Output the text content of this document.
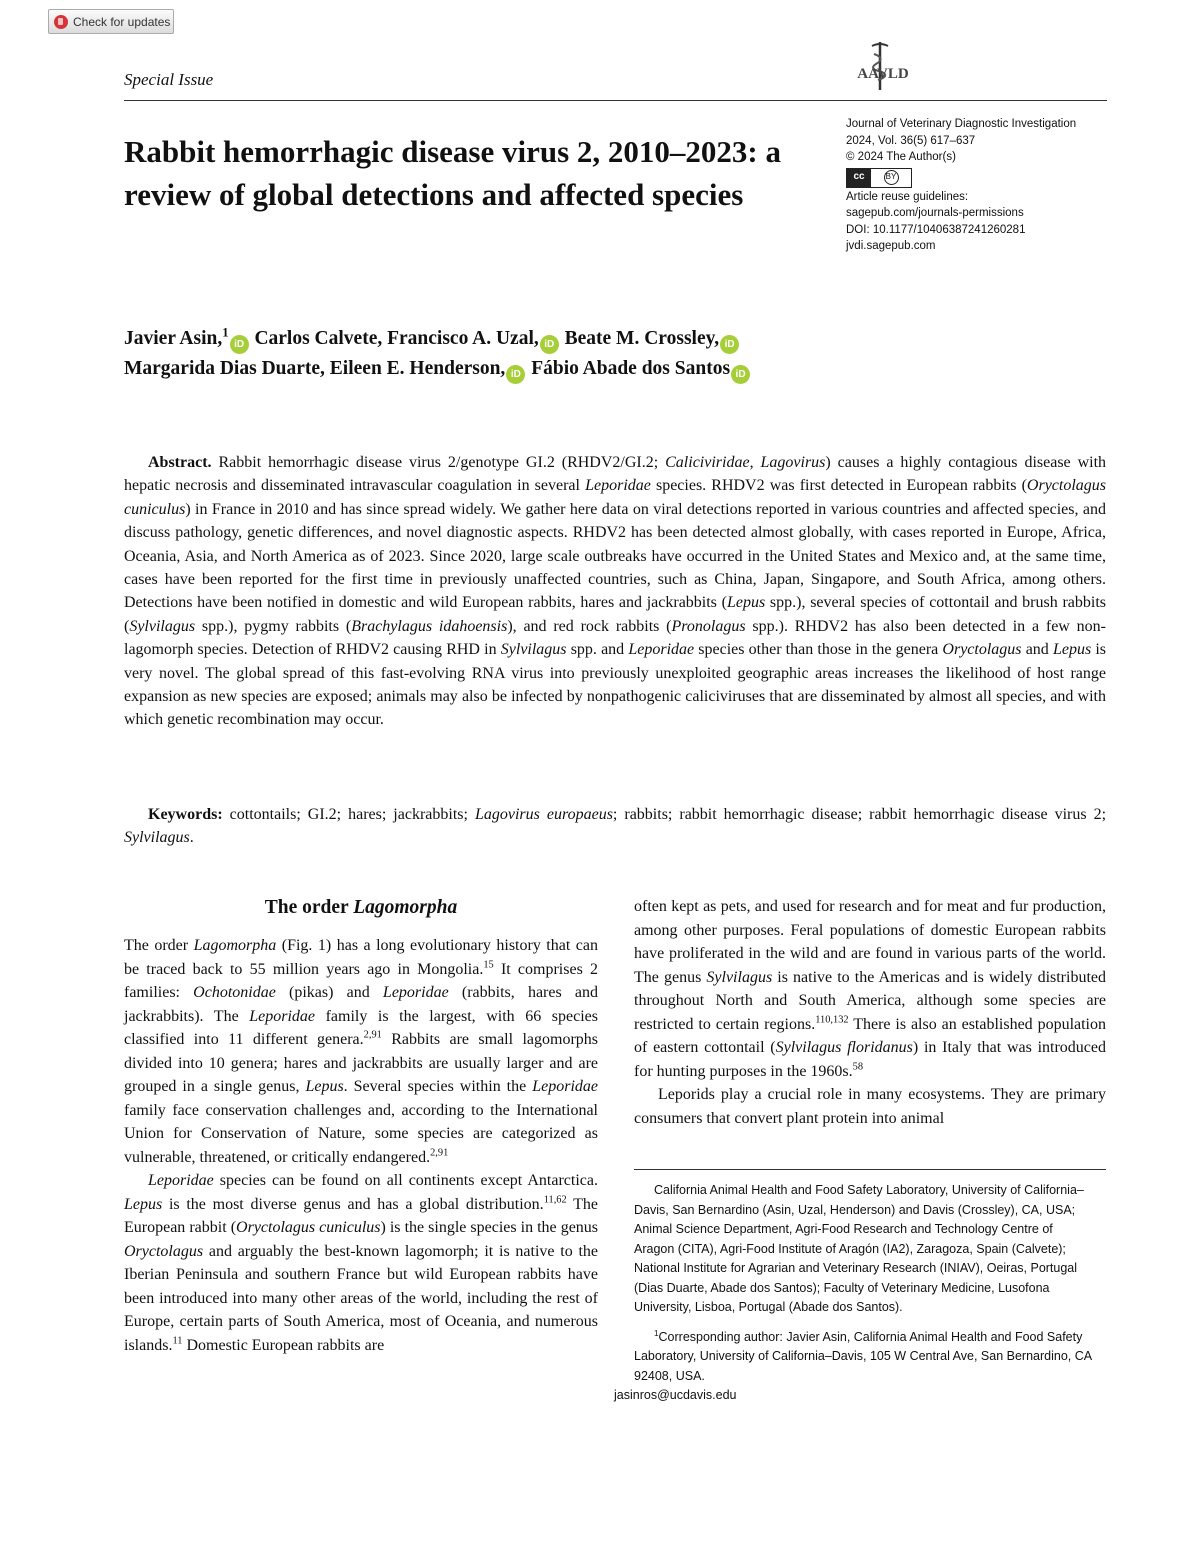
Check for updates
Special Issue	AAVLD
Rabbit hemorrhagic disease virus 2, 2010–2023: a review of global detections and affected species
Journal of Veterinary Diagnostic Investigation
2024, Vol. 36(5) 617–637
© 2024 The Author(s)
cc	BY
Article reuse guidelines:
sagepub.com/journals-permissions
DOI: 10.1177/10406387241260281
jvdi.sagepub.com
Javier Asin,$^1$iD Carlos Calvete, Francisco A. Uzal, iD Beate M. Crossley, iD
Margarida Dias Duarte, Eileen E. Henderson, iD Fábio Abade dos Santos iD
Abstract. Rabbit hemorrhagic disease virus 2/genotype GI.2 (RHDV2/GI.2; Caliciviridae, Lagovirus) causes a highly contagious disease with hepatic necrosis and disseminated intravascular coagulation in several Leporidae species. RHDV2 was first detected in European rabbits (Oryctolagus cuniculus) in France in 2010 and has since spread widely. We gather here data on viral detections reported in various countries and affected species, and discuss pathology, genetic differences, and novel diagnostic aspects. RHDV2 has been detected almost globally, with cases reported in Europe, Africa, Oceania, Asia, and North America as of 2023. Since 2020, large scale outbreaks have occurred in the United States and Mexico and, at the same time, cases have been reported for the first time in previously unaffected countries, such as China, Japan, Singapore, and South Africa, among others. Detections have been notified in domestic and wild European rabbits, hares and jackrabbits (Lepus spp.), several species of cottontail and brush rabbits (Sylvilagus spp.), pygmy rabbits (Brachylagus idahoensis), and red rock rabbits (Pronolagus spp.). RHDV2 has also been detected in a few non-lagomorph species. Detection of RHDV2 causing RHD in Sylvilagus spp. and Leporidae species other than those in the genera Oryctolagus and Lepus is very novel. The global spread of this fast-evolving RNA virus into previously unexploited geographic areas increases the likelihood of host range expansion as new species are exposed; animals may also be infected by nonpathogenic caliciviruses that are disseminated by almost all species, and with which genetic recombination may occur.
Keywords: cottontails; GI.2; hares; jackrabbits; Lagovirus europaeus; rabbits; rabbit hemorrhagic disease; rabbit hemorrhagic disease virus 2; Sylvilagus.
The order Lagomorpha

The order Lagomorpha (Fig. 1) has a long evolutionary history that can be traced back to 55 million years ago in Mongolia.$^{15}$ It comprises 2 families: Ochotonidae (pikas) and Leporidae (rabbits, hares and jackrabbits). The Leporidae family is the largest, with 66 species classified into 11 different genera.$^{2,91}$ Rabbits are small lagomorphs divided into 10 genera; hares and jackrabbits are usually larger and are grouped in a single genus, Lepus. Several species within the Leporidae family face conservation challenges and, according to the International Union for Conservation of Nature, some species are categorized as vulnerable, threatened, or critically endangered.$^{2,91}$

Leporidae species can be found on all continents except Antarctica. Lepus is the most diverse genus and has a global distribution.$^{11,62}$ The European rabbit (Oryctolagus cuniculus) is the single species in the genus Oryctolagus and arguably the best-known lagomorph; it is native to the Iberian Peninsula and southern France but wild European rabbits have been introduced into many other areas of the world, including the rest of Europe, certain parts of South America, most of Oceania, and numerous islands.$^{11}$ Domestic European rabbits are

often kept as pets, and used for research and for meat and fur production, among other purposes. Feral populations of domestic European rabbits have proliferated in the wild and are found in various parts of the world. The genus Sylvilagus is native to the Americas and is widely distributed throughout North and South America, although some species are restricted to certain regions.$^{110,132}$ There is also an established population of eastern cottontail (Sylvilagus floridanus) in Italy that was introduced for hunting purposes in the 1960s.$^{58}$

Leporids play a crucial role in many ecosystems. They are primary consumers that convert plant protein into animal

California Animal Health and Food Safety Laboratory, University of California–Davis, San Bernardino (Asin, Uzal, Henderson) and Davis (Crossley), CA, USA; Animal Science Department, Agri-Food Research and Technology Centre of Aragon (CITA), Agri-Food Institute of Aragón (IA2), Zaragoza, Spain (Calvete); National Institute for Agrarian and Veterinary Research (INIAV), Oeiras, Portugal (Dias Duarte, Abade dos Santos); Faculty of Veterinary Medicine, Lusofona University, Lisboa, Portugal (Abade dos Santos).

$^1$Corresponding author: Javier Asin, California Animal Health and Food Safety Laboratory, University of California–Davis, 105 W Central Ave, San Bernardino, CA 92408, USA.
jasinros@ucdavis.edu
